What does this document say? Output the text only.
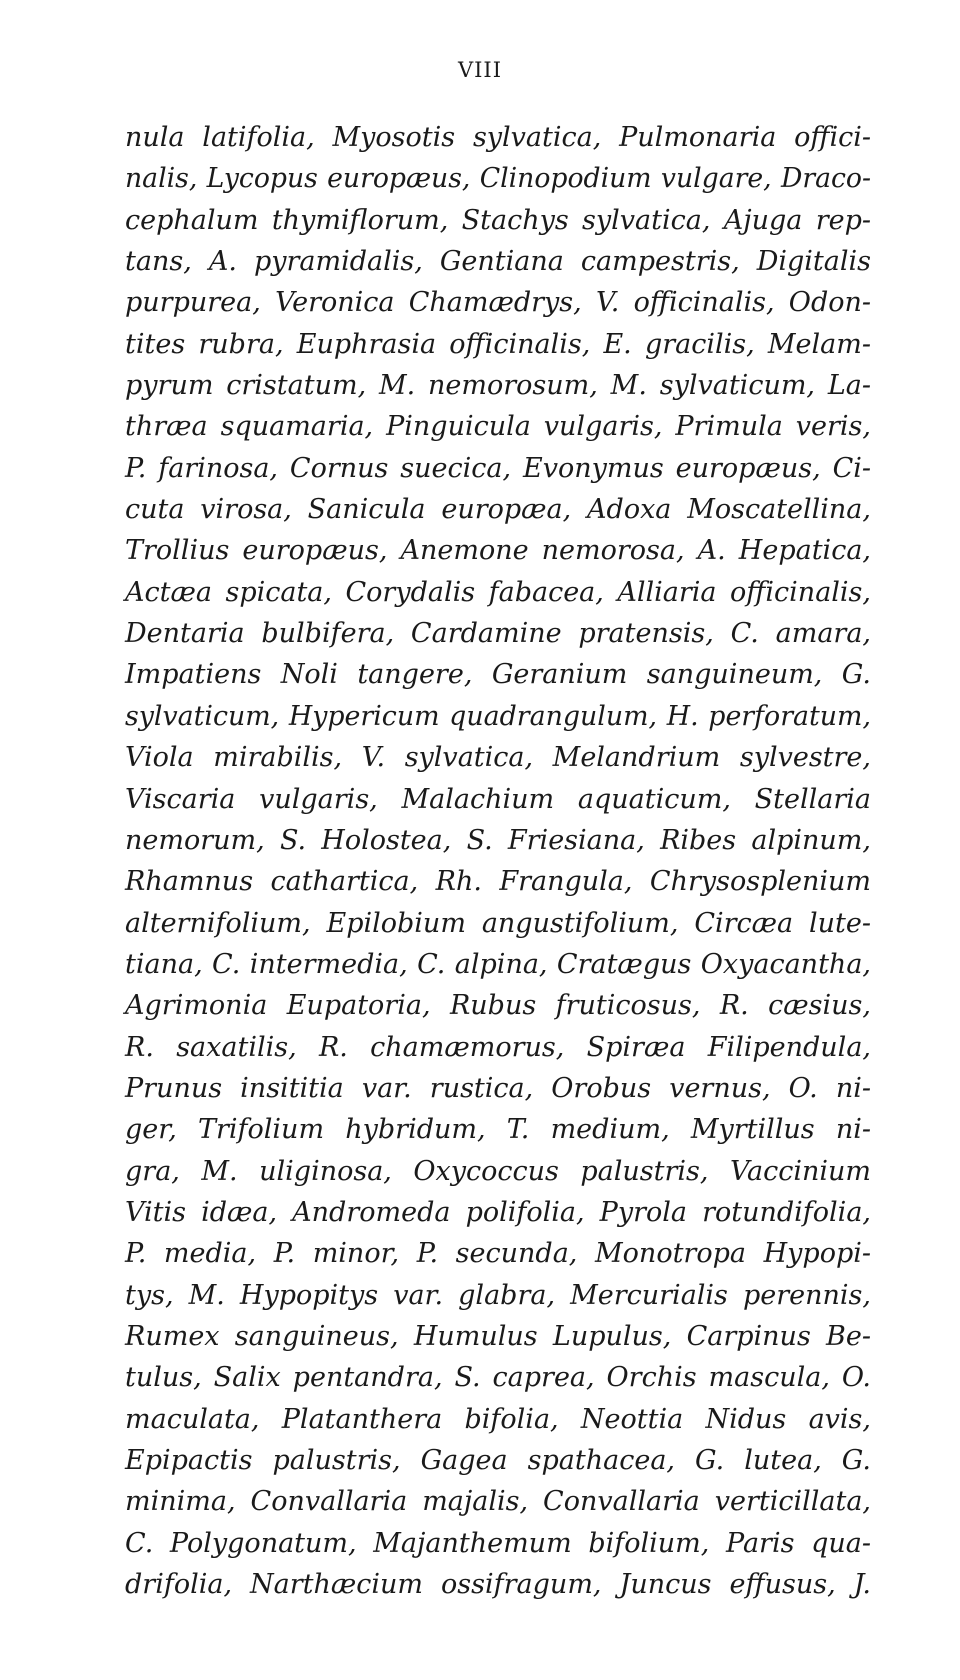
VIII
nula latifolia, Myosotis sylvatica, Pulmonaria offici-
nalis, Lycopus europæus, Clinopodium vulgare, Draco-
cephalum thymiflorum, Stachys sylvatica, Ajuga rep-
tans, A. pyramidalis, Gentiana campestris, Digitalis
purpurea, Veronica Chamædrys, V. officinalis, Odon-
tites rubra, Euphrasia officinalis, E. gracilis, Melam-
pyrum cristatum, M. nemorosum, M. sylvaticum, La-
thræa squamaria, Pinguicula vulgaris, Primula veris,
P. farinosa, Cornus suecica, Evonymus europæus, Ci-
cuta virosa, Sanicula europæa, Adoxa Moscatellina,
Trollius europæus, Anemone nemorosa, A. Hepatica,
Actæa spicata, Corydalis fabacea, Alliaria officinalis,
Dentaria bulbifera, Cardamine pratensis, C. amara,
Impatiens Noli tangere, Geranium sanguineum, G.
sylvaticum, Hypericum quadrangulum, H. perforatum,
Viola mirabilis, V. sylvatica, Melandrium sylvestre,
Viscaria vulgaris, Malachium aquaticum, Stellaria
nemorum, S. Holostea, S. Friesiana, Ribes alpinum,
Rhamnus cathartica, Rh. Frangula, Chrysosplenium
alternifolium, Epilobium angustifolium, Circæa lute-
tiana, C. intermedia, C. alpina, Cratægus Oxyacantha,
Agrimonia Eupatoria, Rubus fruticosus, R. cæsius,
R. saxatilis, R. chamæmorus, Spiræa Filipendula,
Prunus insititia var. rustica, Orobus vernus, O. ni-
ger, Trifolium hybridum, T. medium, Myrtillus ni-
gra, M. uliginosa, Oxycoccus palustris, Vaccinium
Vitis idæa, Andromeda polifolia, Pyrola rotundifolia,
P. media, P. minor, P. secunda, Monotropa Hypopi-
tys, M. Hypopitys var. glabra, Mercurialis perennis,
Rumex sanguineus, Humulus Lupulus, Carpinus Be-
tulus, Salix pentandra, S. caprea, Orchis mascula, O.
maculata, Platanthera bifolia, Neottia Nidus avis,
Epipactis palustris, Gagea spathacea, G. lutea, G.
minima, Convallaria majalis, Convallaria verticillata,
C. Polygonatum, Majanthemum bifolium, Paris qua-
drifolia, Narthæcium ossifragum, Juncus effusus, J.
